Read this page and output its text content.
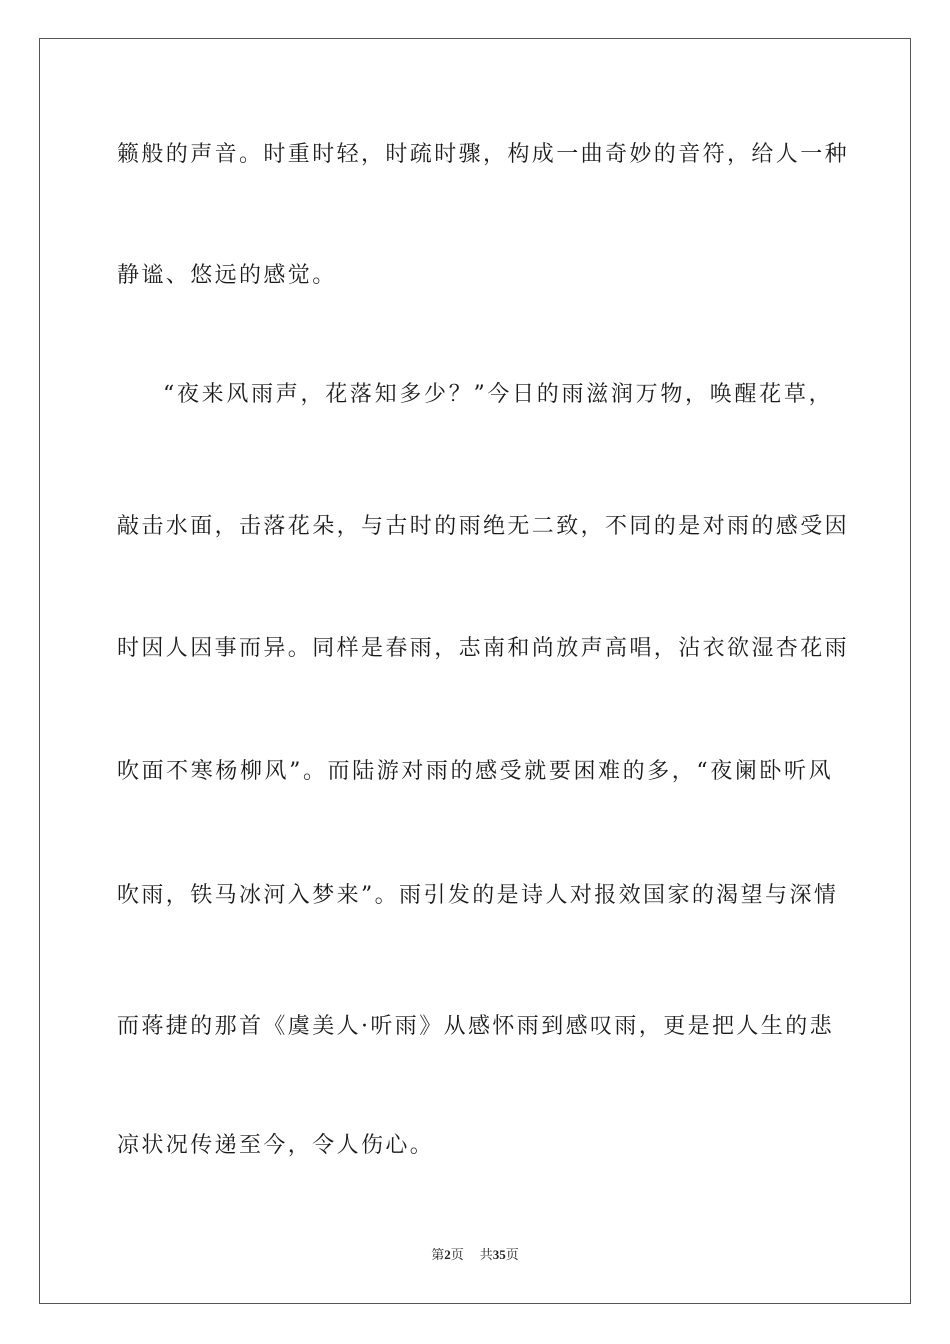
籁般的声音。时重时轻，时疏时骤，构成一曲奇妙的音符，给人一种
静谧、悠远的感觉。
“夜来风雨声，花落知多少？”今日的雨滋润万物，唤醒花草，
敲击水面，击落花朵，与古时的雨绝无二致，不同的是对雨的感受因
时因人因事而异。同样是春雨，志南和尚放声高唱，沾衣欲湿杏花雨
吹面不寒杨柳风”。而陆游对雨的感受就要困难的多，“夜阑卧听风
吹雨，铁马冰河入梦来”。雨引发的是诗人对报效国家的渴望与深情
而蒋捷的那首《虞美人·听雨》从感怀雨到感叹雨，更是把人生的悲
凉状况传递至今，令人伤心。
第2页 共35页
